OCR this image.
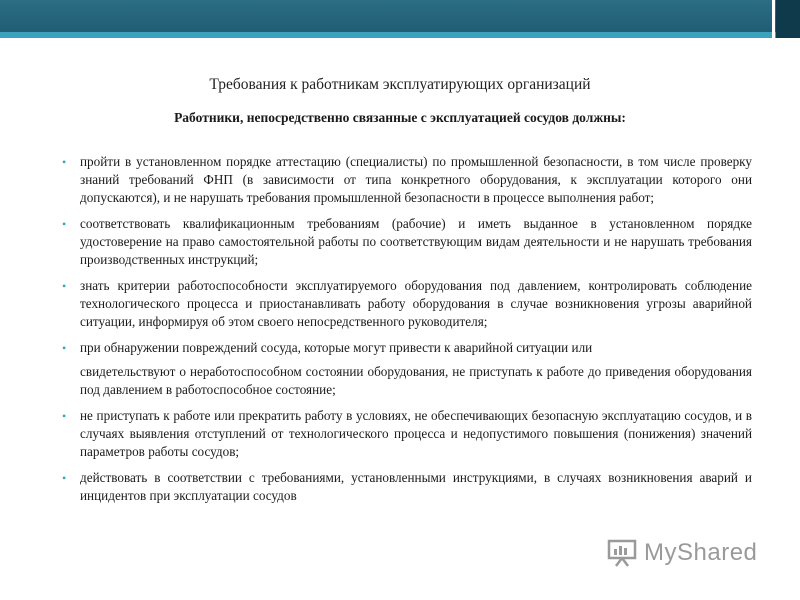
Требования к работникам эксплуатирующих организаций
Работники, непосредственно связанные с эксплуатацией сосудов должны:
• пройти в установленном порядке аттестацию (специалисты) по промышленной безопасности, в том числе проверку знаний требований ФНП (в зависимости от типа конкретного оборудования, к эксплуатации которого они допускаются), и не нарушать требования промышленной безопасности в процессе выполнения работ;
• соответствовать квалификационным требованиям (рабочие) и иметь выданное в установленном порядке удостоверение на право самостоятельной работы по соответствующим видам деятельности и не нарушать требования производственных инструкций;
• знать критерии работоспособности эксплуатируемого оборудования под давлением, контролировать соблюдение технологического процесса и приостанавливать работу оборудования в случае возникновения угрозы аварийной ситуации, информируя об этом своего непосредственного руководителя;
• при обнаружении повреждений сосуда, которые могут привести к аварийной ситуации или
свидетельствуют о неработоспособном состоянии оборудования, не приступать к работе до приведения оборудования под давлением в работоспособное состояние;
• не приступать к работе или прекратить работу в условиях, не обеспечивающих безопасную эксплуатацию сосудов, и в случаях выявления отступлений от технологического процесса и недопустимого повышения (понижения) значений параметров работы сосудов;
• действовать в соответствии с требованиями, установленными инструкциями, в случаях возникновения аварий и инцидентов при эксплуатации сосудов
MyShared
